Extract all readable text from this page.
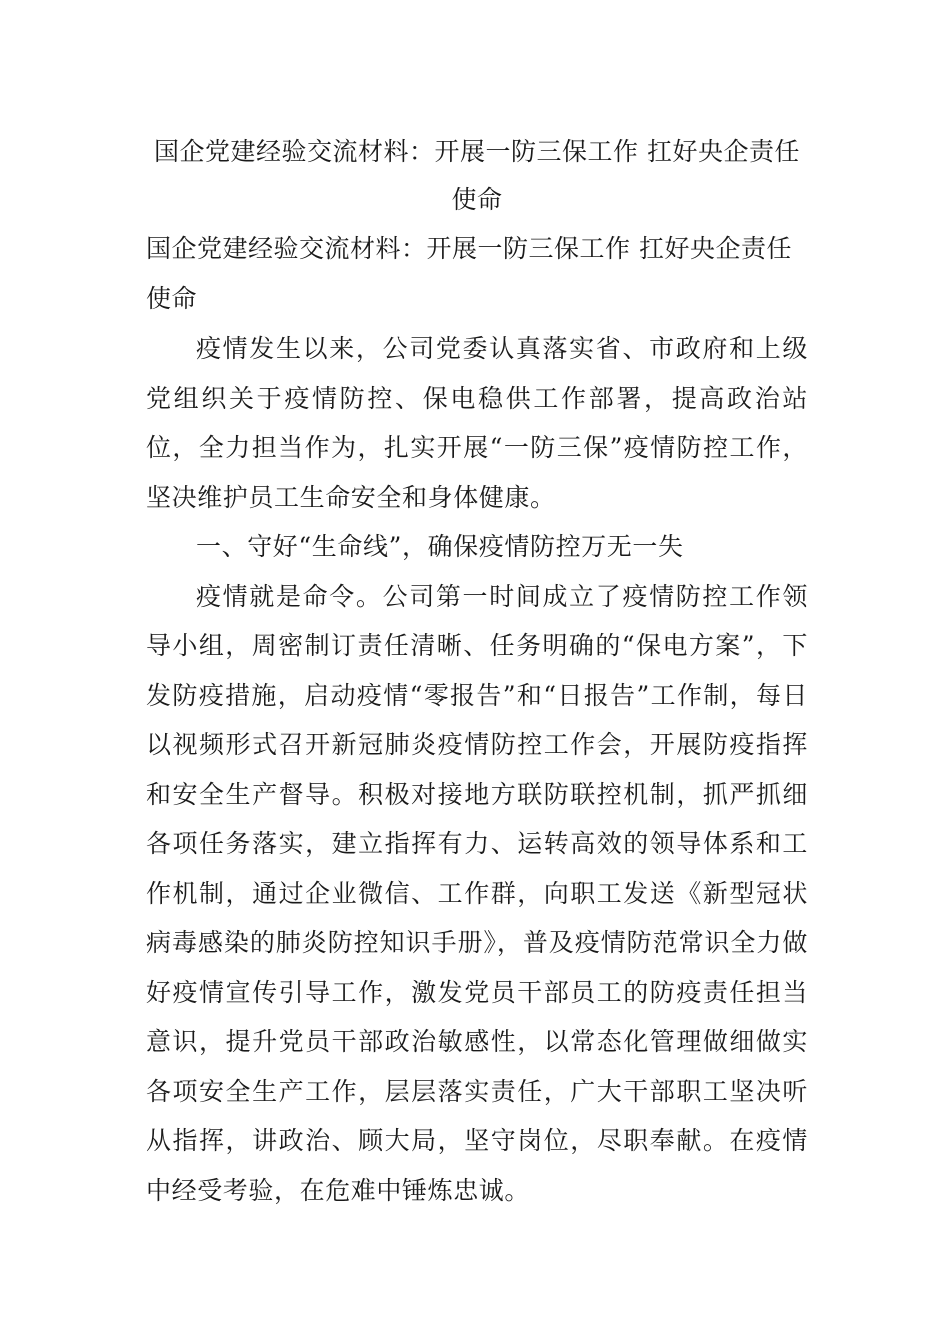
国企党建经验交流材料：开展一防三保工作 扛好央企责任使命

国企党建经验交流材料：开展一防三保工作 扛好央企责任使命

疫情发生以来，公司党委认真落实省、市政府和上级党组织关于疫情防控、保电稳供工作部署，提高政治站位，全力担当作为，扎实开展“一防三保”疫情防控工作，坚决维护员工生命安全和身体健康。

一、守好“生命线”，确保疫情防控万无一失

疫情就是命令。公司第一时间成立了疫情防控工作领导小组，周密制订责任清晰、任务明确的“保电方案”，下发防疫措施，启动疫情“零报告”和“日报告”工作制，每日以视频形式召开新冠肺炎疫情防控工作会，开展防疫指挥和安全生产督导。积极对接地方联防联控机制，抓严抓细各项任务落实，建立指挥有力、运转高效的领导体系和工作机制，通过企业微信、工作群，向职工发送《新型冠状病毒感染的肺炎防控知识手册》，普及疫情防范常识全力做好疫情宣传引导工作，激发党员干部员工的防疫责任担当意识，提升党员干部政治敏感性，以常态化管理做细做实各项安全生产工作，层层落实责任，广大干部职工坚决听从指挥，讲政治、顾大局，坚守岗位，尽职奉献。在疫情中经受考验，在危难中锤炼忠诚。
